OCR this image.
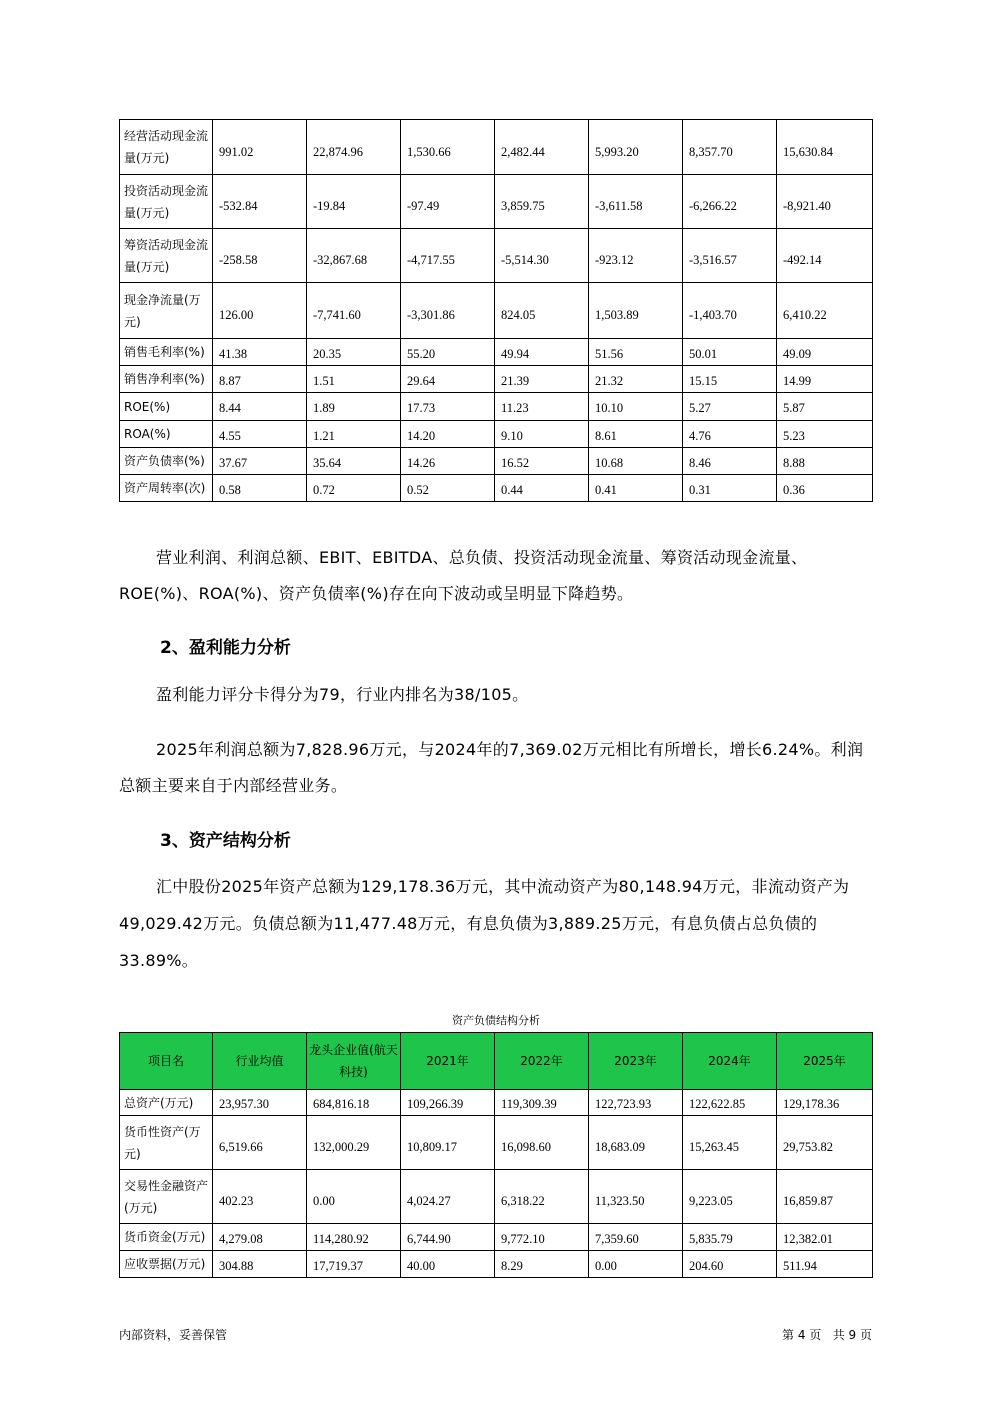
经营活动现金流量(万元)	991.02	22,874.96	1,530.66	2,482.44	5,993.20	8,357.70	15,630.84
投资活动现金流量(万元)	-532.84	-19.84	-97.49	3,859.75	-3,611.58	-6,266.22	-8,921.40
筹资活动现金流量(万元)	-258.58	-32,867.68	-4,717.55	-5,514.30	-923.12	-3,516.57	-492.14
现金净流量(万元)	126.00	-7,741.60	-3,301.86	824.05	1,503.89	-1,403.70	6,410.22
销售毛利率(%)	41.38	20.35	55.20	49.94	51.56	50.01	49.09
销售净利率(%)	8.87	1.51	29.64	21.39	21.32	15.15	14.99
ROE(%)	8.44	1.89	17.73	11.23	10.10	5.27	5.87
ROA(%)	4.55	1.21	14.20	9.10	8.61	4.76	5.23
资产负债率(%)	37.67	35.64	14.26	16.52	10.68	8.46	8.88
资产周转率(次)	0.58	0.72	0.52	0.44	0.41	0.31	0.36
营业利润、利润总额、EBIT、EBITDA、总负债、投资活动现金流量、筹资活动现金流量、ROE(%)、ROA(%)、资产负债率(%)存在向下波动或呈明显下降趋势。
2、盈利能力分析
盈利能力评分卡得分为79，行业内排名为38/105。
2025年利润总额为7,828.96万元，与2024年的7,369.02万元相比有所增长，增长6.24%。利润总额主要来自于内部经营业务。
3、资产结构分析
汇中股份2025年资产总额为129,178.36万元，其中流动资产为80,148.94万元，非流动资产为49,029.42万元。负债总额为11,477.48万元，有息负债为3,889.25万元，有息负债占总负债的33.89%。
资产负债结构分析
项目名	行业均值	龙头企业值(航天科技)	2021年	2022年	2023年	2024年	2025年
总资产(万元)	23,957.30	684,816.18	109,266.39	119,309.39	122,723.93	122,622.85	129,178.36
货币性资产(万元)	6,519.66	132,000.29	10,809.17	16,098.60	18,683.09	15,263.45	29,753.82
交易性金融资产(万元)	402.23	0.00	4,024.27	6,318.22	11,323.50	9,223.05	16,859.87
货币资金(万元)	4,279.08	114,280.92	6,744.90	9,772.10	7,359.60	5,835.79	12,382.01
应收票据(万元)	304.88	17,719.37	40.00	8.29	0.00	204.60	511.94
内部资料，妥善保管	第 4 页   共 9 页
